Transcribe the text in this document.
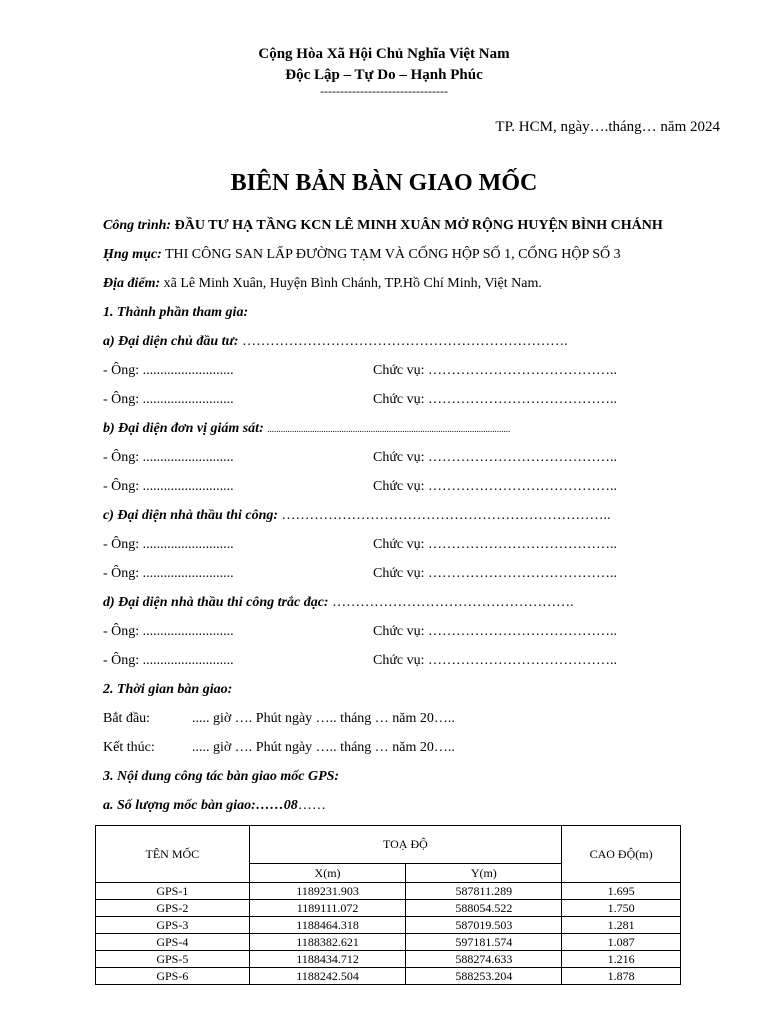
Cộng Hòa Xã Hội Chủ Nghĩa Việt Nam
Độc Lập – Tự Do – Hạnh Phúc
--------------------------------
TP. HCM, ngày….tháng… năm 2024
BIÊN BẢN BÀN GIAO MỐC
Công trình: ĐẦU TƯ HẠ TẦNG KCN LÊ MINH XUÂN MỞ RỘNG HUYỆN BÌNH CHÁNH
Ḥng mục: THI CÔNG SAN LẤP ĐƯỜNG TẠM VÀ CỐNG HỘP SỐ 1, CỐNG HỘP SỐ 3
Địa điểm: xã Lê Minh Xuân, Huyện Bình Chánh, TP.Hồ Chí Minh, Việt Nam.
1. Thành phần tham gia:
a) Đại diện chủ đầu tư: …………………………………………………………….
- Ông: ..........................	Chức vụ: …………………………………..
- Ông: ..........................	Chức vụ: …………………………………..
b) Đại diện đơn vị giám sát: ............................................................................................................
- Ông: ..........................	Chức vụ: …………………………………..
- Ông: ..........................	Chức vụ: …………………………………..
c) Đại diện nhà thầu thi công: ……………………………………………………………..
- Ông: ..........................	Chức vụ: …………………………………..
- Ông: ..........................	Chức vụ: …………………………………..
d) Đại diện nhà thầu thi công trắc đạc: …………………………………………….
- Ông: ..........................	Chức vụ: …………………………………..
- Ông: ..........................	Chức vụ: …………………………………..
2. Thời gian bàn giao:
Bắt đầu:	..... giờ …. Phút ngày ….. tháng … năm 20…..
Kết thúc:	..... giờ …. Phút ngày ….. tháng … năm 20…..
3. Nội dung công tác bàn giao mốc GPS:
a. Số lượng mốc bàn giao:……08……
TÊN MỐC	TOẠ ĐỘ		CAO ĐỘ(m)
	X(m)	Y(m)	
GPS-1	1189231.903	587811.289	1.695
GPS-2	1189111.072	588054.522	1.750
GPS-3	1188464.318	587019.503	1.281
GPS-4	1188382.621	597181.574	1.087
GPS-5	1188434.712	588274.633	1.216
GPS-6	1188242.504	588253.204	1.878
